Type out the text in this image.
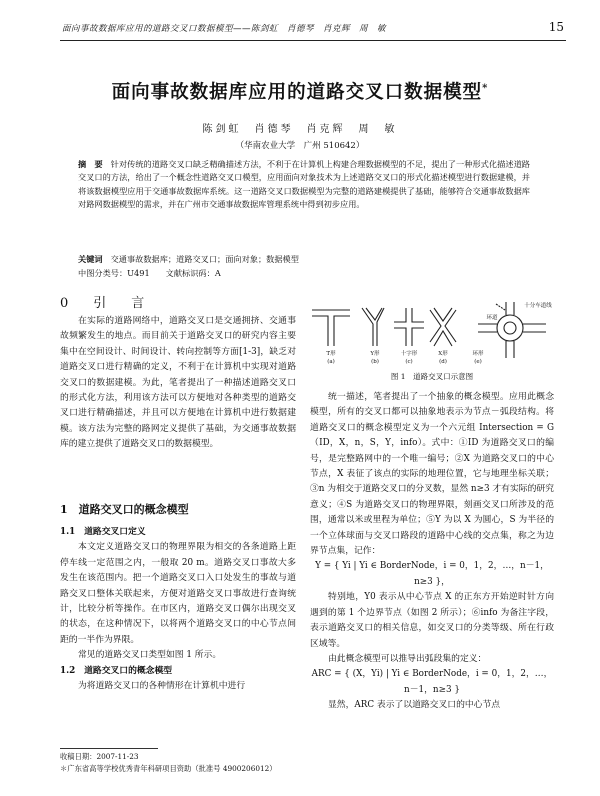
面向事故数据库应用的道路交叉口数据模型——陈剑虹　肖德琴　肖克辉　周　敏	15
面向事故数据库应用的道路交叉口数据模型*
陈剑虹　肖德琴　肖克辉　周　敏
（华南农业大学　广州 510642）
摘　要 针对传统的道路交叉口缺乏精确描述方法，不利于在计算机上构建合理数据模型的不足，提出了一种形式化描述道路交叉口的方法，给出了一个概念性道路交叉口模型，应用面向对象技术为上述道路交叉口的形式化描述模型进行数据建模，并将该数据模型应用于交通事故数据库系统。这一道路交叉口数据模型为完整的道路建模提供了基础，能够符合交通事故数据库对路网数据模型的需求，并在广州市交通事故数据库管理系统中得到初步应用。
关键词 交通事故数据库；道路交叉口；面向对象；数据模型
中图分类号：U491 文献标识码：A
0　引　言

在实际的道路网络中，道路交叉口是交通拥挤、交通事故频繁发生的地点。而目前关于道路交叉口的研究内容主要集中在空间设计、时间设计、转向控制等方面[1-3]，缺乏对道路交叉口进行精确的定义，不利于在计算机中实现对道路交叉口的数据建模。为此，笔者提出了一种描述道路交叉口的形式化方法，利用该方法可以方便地对各种类型的道路交叉口进行精确描述，并且可以方便地在计算机中进行数据建模。该方法为完整的路网定义提供了基础，为交通事故数据库的建立提供了道路交叉口的数据模型。

1　道路交叉口的概念模型
1.1　道路交叉口定义

本文定义道路交叉口的物理界限为相交的各条道路上距停车线一定范围之内，一般取 20 m。道路交叉口事故大多发生在该范围内。把一个道路交叉口入口处发生的事故与道路交叉口整体关联起来，方便对道路交叉口事故进行查询统计，比较分析等操作。在市区内，道路交叉口偶尔出现交叉的状态，在这种情况下，以将两个道路交叉口的中心节点间距的一半作为界限。

常见的道路交叉口类型如图 1 所示。

1.2　道路交叉口的概念模型

为将道路交叉口的各种情形在计算机中进行

收稿日期：2007-11-23
＊广东省高等学校优秀青年科研项目资助（批准号 4900206012）
T形	Y形	十字形	X形	环形
(a)	(b)	(c)	(d)	(e)
十分车道线
环道
图 1　道路交叉口示意图

统一描述，笔者提出了一个抽象的概念模型。应用此概念模型，所有的交叉口都可以抽象地表示为节点－弧段结构。将道路交叉口的概念模型定义为一个六元组 Intersection = G（ID，X，n，S，Y，info）。式中：①ID 为道路交叉口的编号，是完整路网中的一个唯一编号；②X 为道路交叉口的中心节点，X 表征了该点的实际的地理位置，它与地理坐标关联；③n 为相交于道路交叉口的分叉数，显然 n≥3 才有实际的研究意义；④S 为道路交叉口的物理界限，刻画交叉口所涉及的范围，通常以米或里程为单位；⑤Y 为以 X 为圆心，S 为半径的一个立体球面与交叉口路段的道路中心线的交点集，称之为边界节点集，记作：

Y = { Yi | Yi ∈ BorderNode，i = 0，1，2，…，n－1，n≥3 }，

特别地，Y0 表示从中心节点 X 的正东方开始逆时针方向遇到的第 1 个边界节点（如图 2 所示）；⑥info 为备注字段，表示道路交叉口的相关信息，如交叉口的分类等级、所在行政区域等。

由此概念模型可以推导出弧段集的定义：

ARC = { (X，Yi) | Yi ∈ BorderNode，i = 0，1，2，…，n－1，n≥3 }

显然，ARC 表示了以道路交叉口的中心节点
